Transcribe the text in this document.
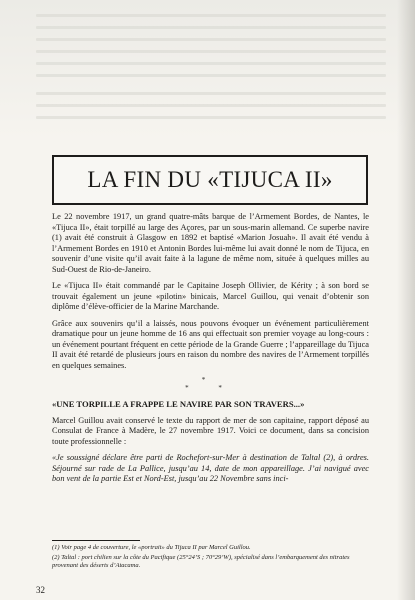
LA FIN DU «TIJUCA II»

Le 22 novembre 1917, un grand quatre-mâts barque de l’Armement Bordes, de Nantes, le «Tijuca II», était torpillé au large des Açores, par un sous-marin allemand. Ce superbe navire (1) avait été construit à Glasgow en 1892 et baptisé «Marion Josuah». Il avait été vendu à l’Armement Bordes en 1910 et Antonin Bordes lui-même lui avait donné le nom de Tijuca, en souvenir d’une visite qu’il avait faite à la lagune de même nom, située à quelques milles au Sud-Ouest de Rio-de-Janeiro.

Le «Tijuca II» était commandé par le Capitaine Joseph Ollivier, de Kérity ; à son bord se trouvait également un jeune «pilotin» binicais, Marcel Guillou, qui venait d’obtenir son diplôme d’élève-officier de la Marine Marchande.

Grâce aux souvenirs qu’il a laissés, nous pouvons évoquer un événement particulièrement dramatique pour un jeune homme de 16 ans qui effectuait son premier voyage au long-cours : un événement pourtant fréquent en cette période de la Grande Guerre ; l’appareillage du Tijuca II avait été retardé de plusieurs jours en raison du nombre des navires de l’Armement torpillés en quelques semaines.

*
* *

«UNE TORPILLE A FRAPPE LE NAVIRE PAR SON TRAVERS...»

Marcel Guillou avait conservé le texte du rapport de mer de son capitaine, rapport déposé au Consulat de France à Madère, le 27 novembre 1917. Voici ce document, dans sa concision toute professionnelle :

«Je soussigné déclare être parti de Rochefort-sur-Mer à destination de Taltal (2), à ordres. Séjourné sur rade de La Pallice, jusqu’au 14, date de mon appareillage. J’ai navigué avec bon vent de la partie Est et Nord-Est, jusqu’au 22 Novembre sans inci-

(1) Voir page 4 de couverture, le «portrait» du Tijuca II par Marcel Guillou.

(2) Taltal : port chilien sur la côte du Pacifique (25°24’S ; 70°29’W), spécialisé dans l’embarquement des nitrates provenant des déserts d’Atacama.

32
